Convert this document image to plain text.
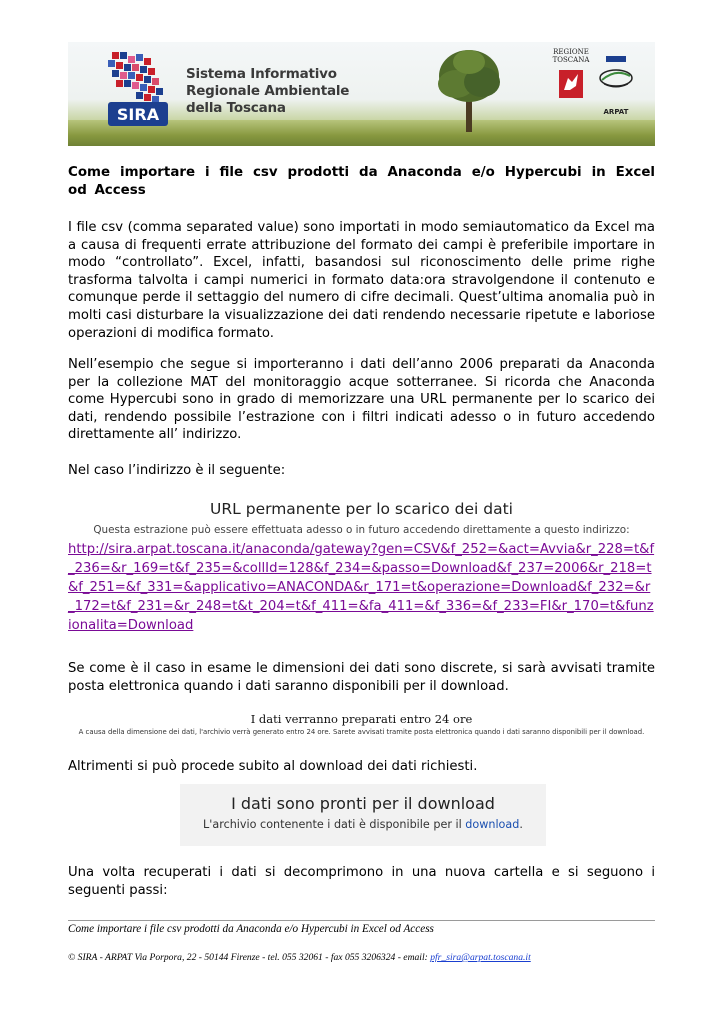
SIRA
Sistema Informativo
Regionale Ambientale
della Toscana
REGIONE
TOSCANA
ARPAT
Come importare i file csv prodotti da Anaconda e/o Hypercubi in Excel od Access

I file csv (comma separated value) sono importati in modo semiautomatico da Excel ma a causa di frequenti errate attribuzione del formato dei campi è preferibile importare in modo “controllato”. Excel, infatti, basandosi sul riconoscimento delle prime righe trasforma talvolta i campi numerici in formato data:ora stravolgendone il contenuto e comunque perde il settaggio del numero di cifre decimali. Quest’ultima anomalia può in molti casi disturbare la visualizzazione dei dati rendendo necessarie ripetute e laboriose operazioni di modifica formato.

Nell’esempio che segue si importeranno i dati dell’anno 2006 preparati da Anaconda per la collezione MAT del monitoraggio acque sotterranee. Si ricorda che Anaconda come Hypercubi sono in grado di memorizzare una URL permanente per lo scarico dei dati, rendendo possibile l’estrazione con i filtri indicati adesso o in futuro accedendo direttamente all’ indirizzo.

Nel caso l’indirizzo è il seguente:

URL permanente per lo scarico dei dati
Questa estrazione può essere effettuata adesso o in futuro accedendo direttamente a questo indirizzo:
http://sira.arpat.toscana.it/anaconda/gateway?gen=CSV&f_252=&act=Avvia&r_228=t&f_236=&r_169=t&f_235=&collId=128&f_234=&passo=Download&f_237=2006&r_218=t&f_251=&f_331=&applicativo=ANACONDA&r_171=t&operazione=Download&f_232=&r_172=t&f_231=&r_248=t&t_204=t&f_411=&fa_411=&f_336=&f_233=FI&r_170=t&funzionalita=Download

Se come è il caso in esame le dimensioni dei dati sono discrete, si sarà avvisati tramite posta elettronica quando i dati saranno disponibili per il download.

I dati verranno preparati entro 24 ore
A causa della dimensione dei dati, l'archivio verrà generato entro 24 ore. Sarete avvisati tramite posta elettronica quando i dati saranno disponibili per il download.

Altrimenti si può procede subito al download dei dati richiesti.

I dati sono pronti per il download
L'archivio contenente i dati è disponibile per il download.

Una volta recuperati i dati si decomprimono in una nuova cartella e si seguono i seguenti passi:

Come importare i file csv prodotti da Anaconda e/o Hypercubi in Excel od Access
© SIRA - ARPAT Via Porpora, 22 - 50144 Firenze - tel. 055 32061 - fax 055 3206324 - email: pfr_sira@arpat.toscana.it
